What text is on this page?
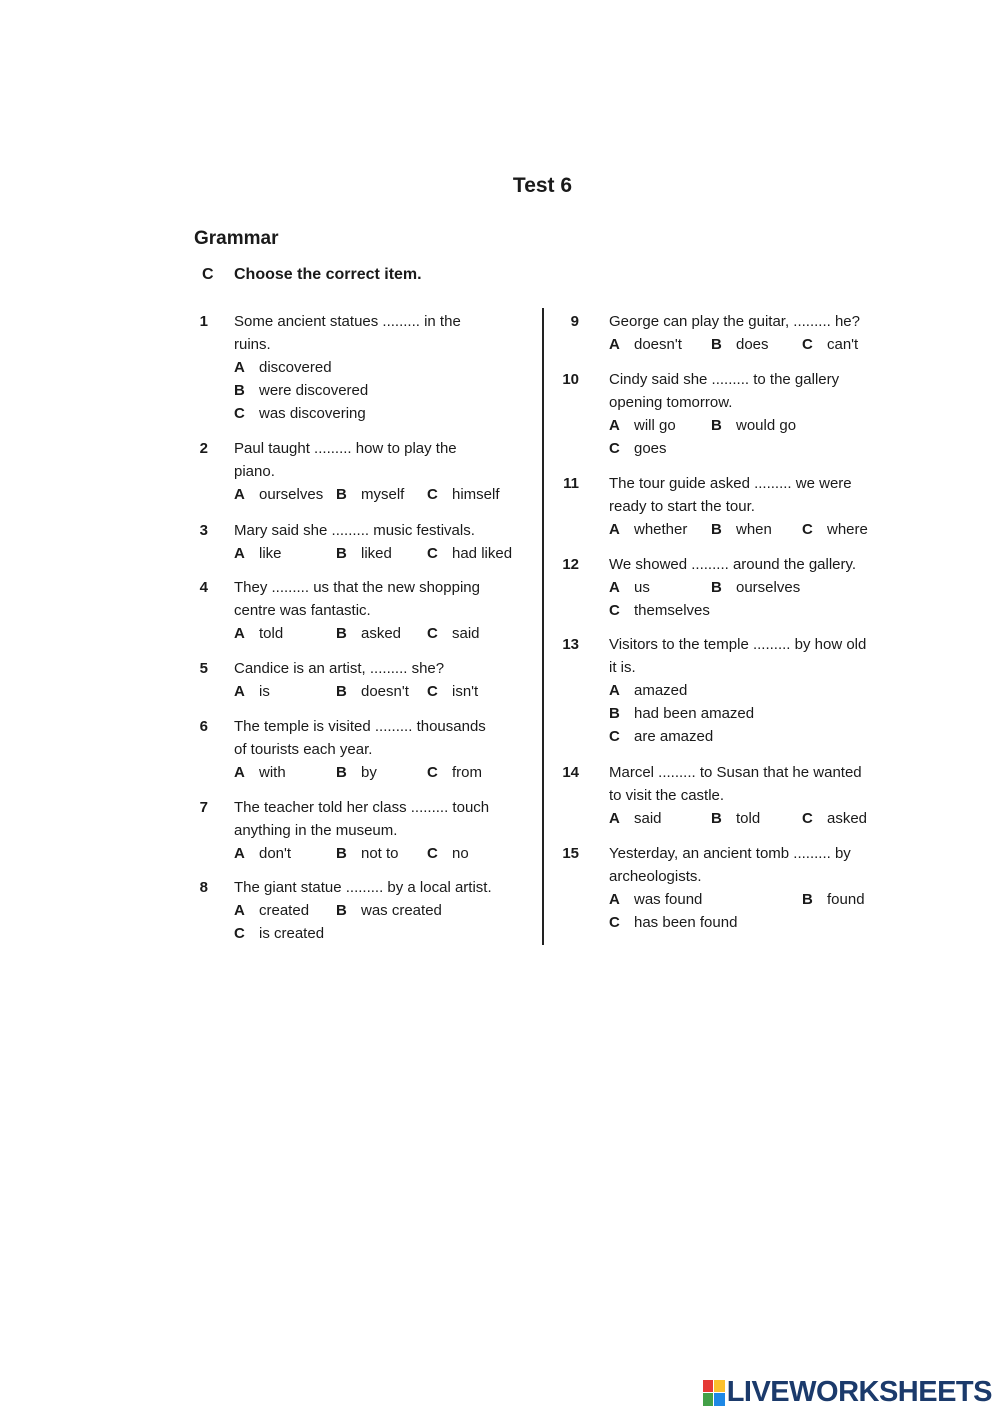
Test 6
Grammar
C Choose the correct item.
1 Some ancient statues ......... in the
ruins.
A discovered
B were discovered
C was discovering
2 Paul taught ......... how to play the
piano.
A ourselves B myself C himself
3 Mary said she ......... music festivals.
A like	B liked C had liked
4 They ......... us that the new shopping
centre was fantastic.
A told	B asked C said
5 Candice is an artist, ......... she?
A is	B doesn't C isn't
6 The temple is visited ......... thousands
of tourists each year.
A with	B by	C from
7 The teacher told her class ......... touch
anything in the museum.
A don't	B not to C no
8 The giant statue ......... by a local artist.
A created B was created
C is created
9 George can play the guitar, ......... he?
A doesn't B does C can't
10 Cindy said she ......... to the gallery
opening tomorrow.
A will go B would go
C goes
11 The tour guide asked ......... we were
ready to start the tour.
A whether B when C where
12 We showed ......... around the gallery.
A us	B ourselves
C themselves
13 Visitors to the temple ......... by how old
it is.
A amazed
B had been amazed
C are amazed
14 Marcel ......... to Susan that he wanted
to visit the castle.
A said	B told	C asked
15 Yesterday, an ancient tomb ......... by
archeologists.
A was found	B found
C has been found
LIVEWORKSHEETS
